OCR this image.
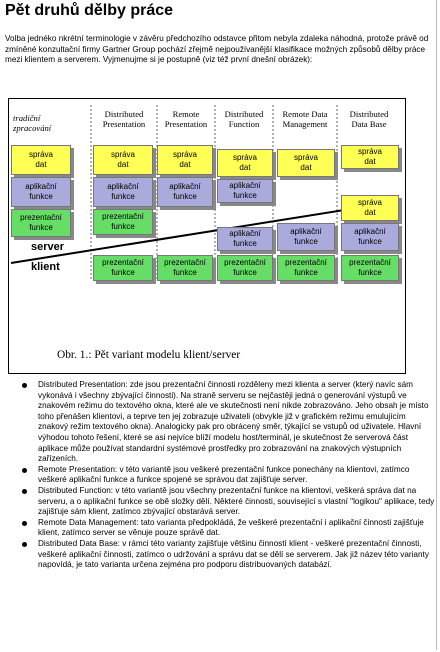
Pět druhů dělby práce

Volba jednéko nkrétní terminologie v závěru předchozího odstavce přitom nebyla zdaleka náhodná, protože právě od zmíněné konzultační firmy Gartner Group pochází zřejmě nejpoužívanější klasifikace možných způsobů dělby práce mezi klientem a serverem. Vyjmenujme si je postupně (viz též první dnešní obrázek):

tradiční
zpracování
Distributed
Presentation
Remote
Presentation
Distributed
Function
Remote Data
Management
Distributed
Data Base
správa
dat
aplikační
funkce
prezentační
funkce
správa
dat
aplikační
funkce
prezentační
funkce
prezentační
funkce
správa
dat
aplikační
funkce
prezentační
funkce
správa
dat
aplikační
funkce
aplikační
funkce
prezentační
funkce
správa
dat
aplikační
funkce
prezentační
funkce
správa
dat
správa
dat
aplikační
funkce
prezentační
funkce
server
klient
Obr. 1.: Pět variant modelu klient/server
Distributed Presentation: zde jsou prezentační činnosti rozděleny mezi klienta a server (který navíc sám vykonává i všechny zbývající činnosti). Na straně serveru se nejčastěji jedná o generování výstupů ve znakovém režimu do textového okna, které ale ve skutečnosti není nikde zobrazováno. Jeho obsah je místo toho přenášen klientovi, a teprve ten jej zobrazuje uživateli (obvykle již v grafickém režimu emulujícím znakový režim textového okna). Analogicky pak pro obrácený směr, týkající se vstupů od uživatele. Hlavní výhodou tohoto řešení, které se asi nejvíce blíží modelu host/terminál, je skutečnost že serverová část aplikace může používat standardní systémové prostředky pro zobrazování na znakových výstupních zařízeních.
Remote Presentation: v této variantě jsou veškeré prezentační funkce ponechány na klientovi, zatímco veškeré aplikační funkce a funkce spojené se správou dat zajišťuje server.
Distributed Function: v této variantě jsou všechny prezentační funkce na klientovi, veškerá správa dat na serveru, a o aplikační funkce se obě složky dělí. Některé činnosti, související s vlastní "logikou" aplikace, tedy zajišťuje sám klient, zatímco zbývající obstarává server.
Remote Data Management: tato varianta předpokládá, že veškeré prezentační i aplikační činnosti zajišťuje klient, zatímco server se věnuje pouze správě dat.
Distributed Data Base: v rámci této varianty zajišťuje většinu činností klient - veškeré prezentační činnosti, veškeré aplikační činnosti, zatímco o udržování a správu dat se dělí se serverem. Jak již název této varianty napovídá, je tato varianta určena zejména pro podporu distribuovaných databází.
